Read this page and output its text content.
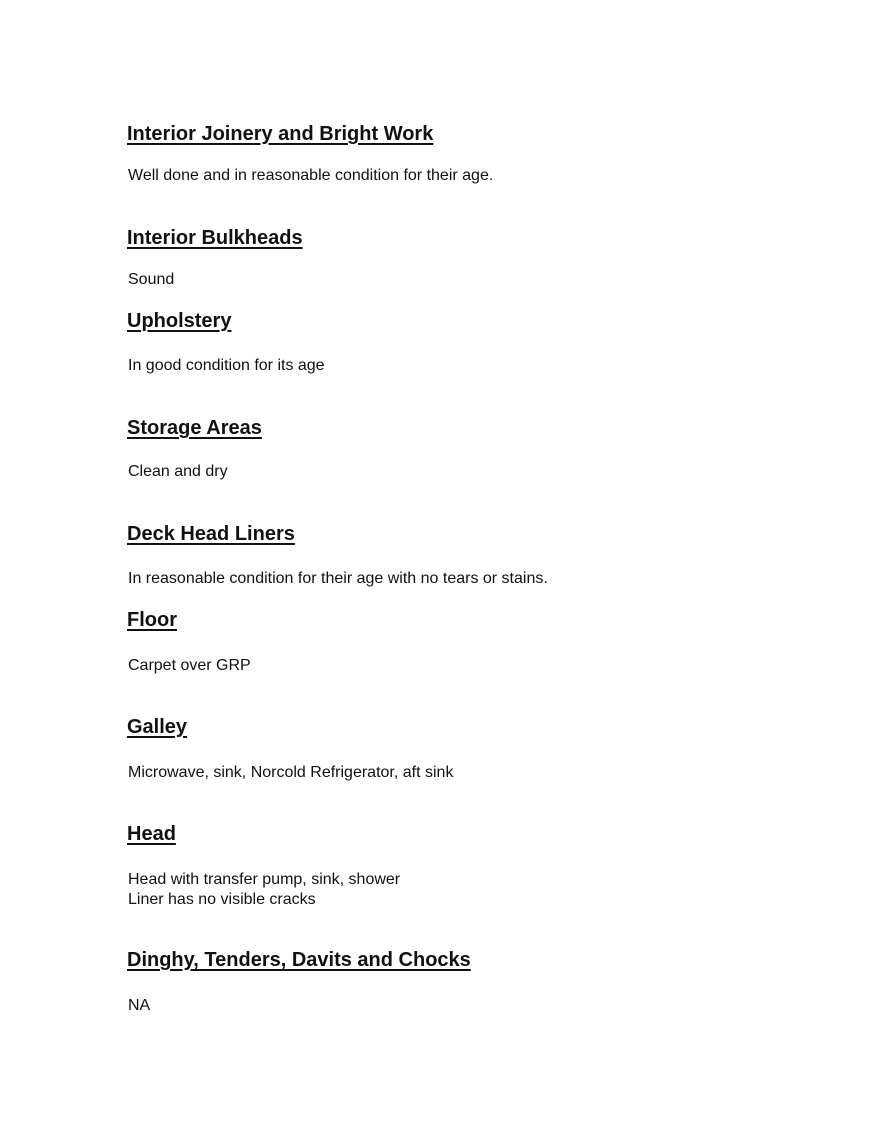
Interior Joinery and Bright Work

Well done and in reasonable condition for their age.

Interior Bulkheads

Sound

Upholstery

In good condition for its age

Storage Areas

Clean and dry

Deck Head Liners

In reasonable condition for their age with no tears or stains.

Floor

Carpet over GRP

Galley

Microwave, sink, Norcold Refrigerator, aft sink

Head

Head with transfer pump, sink, shower

Liner has no visible cracks

Dinghy, Tenders, Davits and Chocks

NA
